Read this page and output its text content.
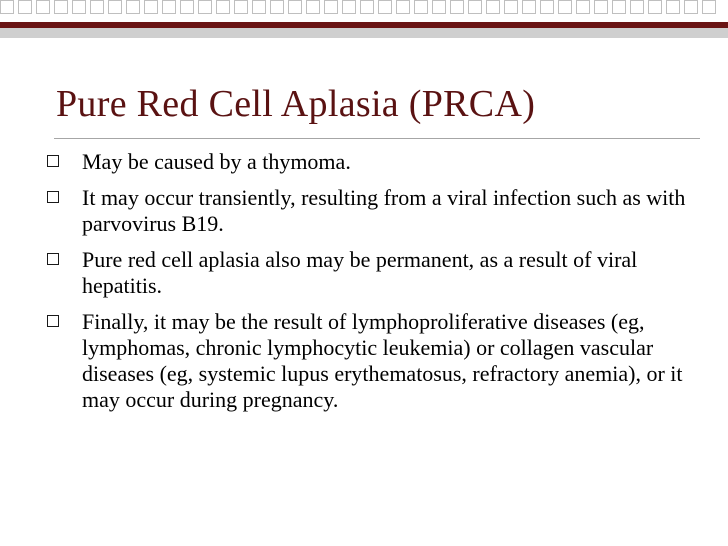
Pure Red Cell Aplasia (PRCA)
May be caused by a thymoma.
It may occur transiently, resulting from a viral infection such as with parvovirus B19.
Pure red cell aplasia also may be permanent, as a result of viral hepatitis.
Finally, it may be the result of lymphoproliferative diseases (eg, lymphomas, chronic lymphocytic leukemia) or collagen vascular diseases (eg, systemic lupus erythematosus, refractory anemia), or it may occur during pregnancy.
